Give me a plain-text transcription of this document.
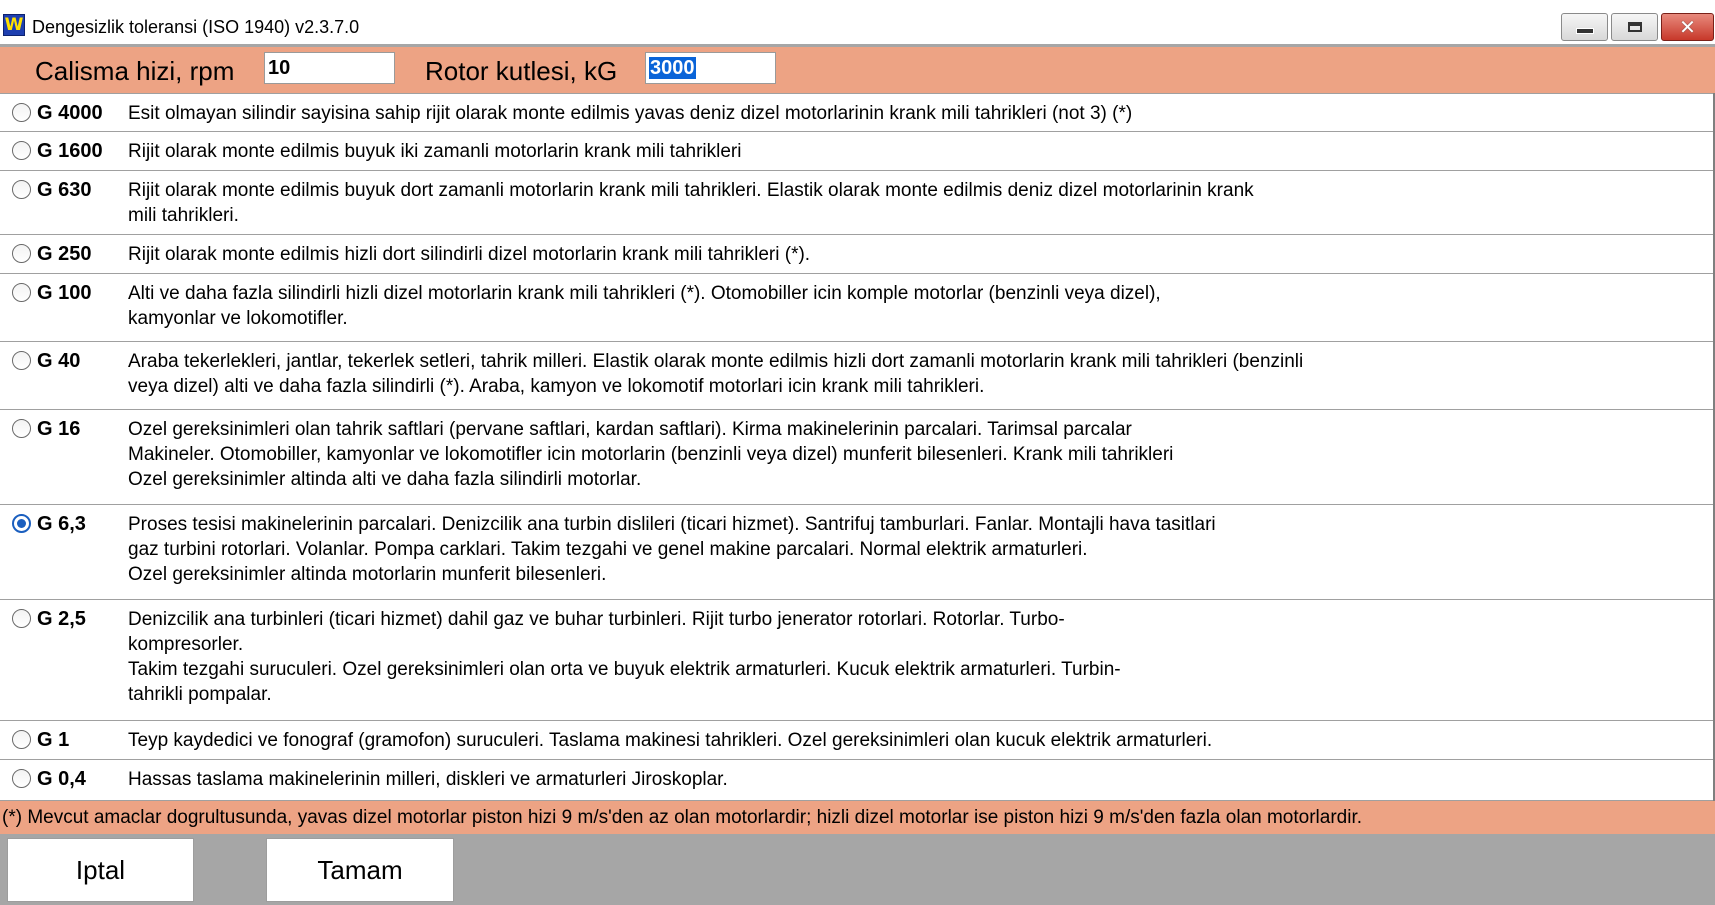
W Dengesizlik toleransi (ISO 1940) v2.3.7.0	✕
Calisma hizi, rpm 10	Rotor kutlesi, kG 3000
G 4000 Esit olmayan silindir sayisina sahip rijit olarak monte edilmis yavas deniz dizel motorlarinin krank mili tahrikleri (not 3) (*)
G 1600 Rijit olarak monte edilmis buyuk iki zamanli motorlarin krank mili tahrikleri
G 630 Rijit olarak monte edilmis buyuk dort zamanli motorlarin krank mili tahrikleri. Elastik olarak monte edilmis deniz dizel motorlarinin krank
mili tahrikleri.
G 250 Rijit olarak monte edilmis hizli dort silindirli dizel motorlarin krank mili tahrikleri (*).
G 100 Alti ve daha fazla silindirli hizli dizel motorlarin krank mili tahrikleri (*). Otomobiller icin komple motorlar (benzinli veya dizel),
kamyonlar ve lokomotifler.
G 40	Araba tekerlekleri, jantlar, tekerlek setleri, tahrik milleri. Elastik olarak monte edilmis hizli dort zamanli motorlarin krank mili tahrikleri (benzinli
veya dizel) alti ve daha fazla silindirli (*). Araba, kamyon ve lokomotif motorlari icin krank mili tahrikleri.
G 16	Ozel gereksinimleri olan tahrik saftlari (pervane saftlari, kardan saftlari). Kirma makinelerinin parcalari. Tarimsal parcalar
Makineler. Otomobiller, kamyonlar ve lokomotifler icin motorlarin (benzinli veya dizel) munferit bilesenleri. Krank mili tahrikleri
Ozel gereksinimler altinda alti ve daha fazla silindirli motorlar.
G 6,3 Proses tesisi makinelerinin parcalari. Denizcilik ana turbin dislileri (ticari hizmet). Santrifuj tamburlari. Fanlar. Montajli hava tasitlari
gaz turbini rotorlari. Volanlar. Pompa carklari. Takim tezgahi ve genel makine parcalari. Normal elektrik armaturleri.
Ozel gereksinimler altinda motorlarin munferit bilesenleri.
G 2,5 Denizcilik ana turbinleri (ticari hizmet) dahil gaz ve buhar turbinleri. Rijit turbo jenerator rotorlari. Rotorlar. Turbo-
kompresorler.
Takim tezgahi suruculeri. Ozel gereksinimleri olan orta ve buyuk elektrik armaturleri. Kucuk elektrik armaturleri. Turbin-
tahrikli pompalar.
G 1	Teyp kaydedici ve fonograf (gramofon) suruculeri. Taslama makinesi tahrikleri. Ozel gereksinimleri olan kucuk elektrik armaturleri.
G 0,4 Hassas taslama makinelerinin milleri, diskleri ve armaturleri Jiroskoplar.
(*) Mevcut amaclar dogrultusunda, yavas dizel motorlar piston hizi 9 m/s'den az olan motorlardir; hizli dizel motorlar ise piston hizi 9 m/s'den fazla olan motorlardir.
Iptal	Tamam
